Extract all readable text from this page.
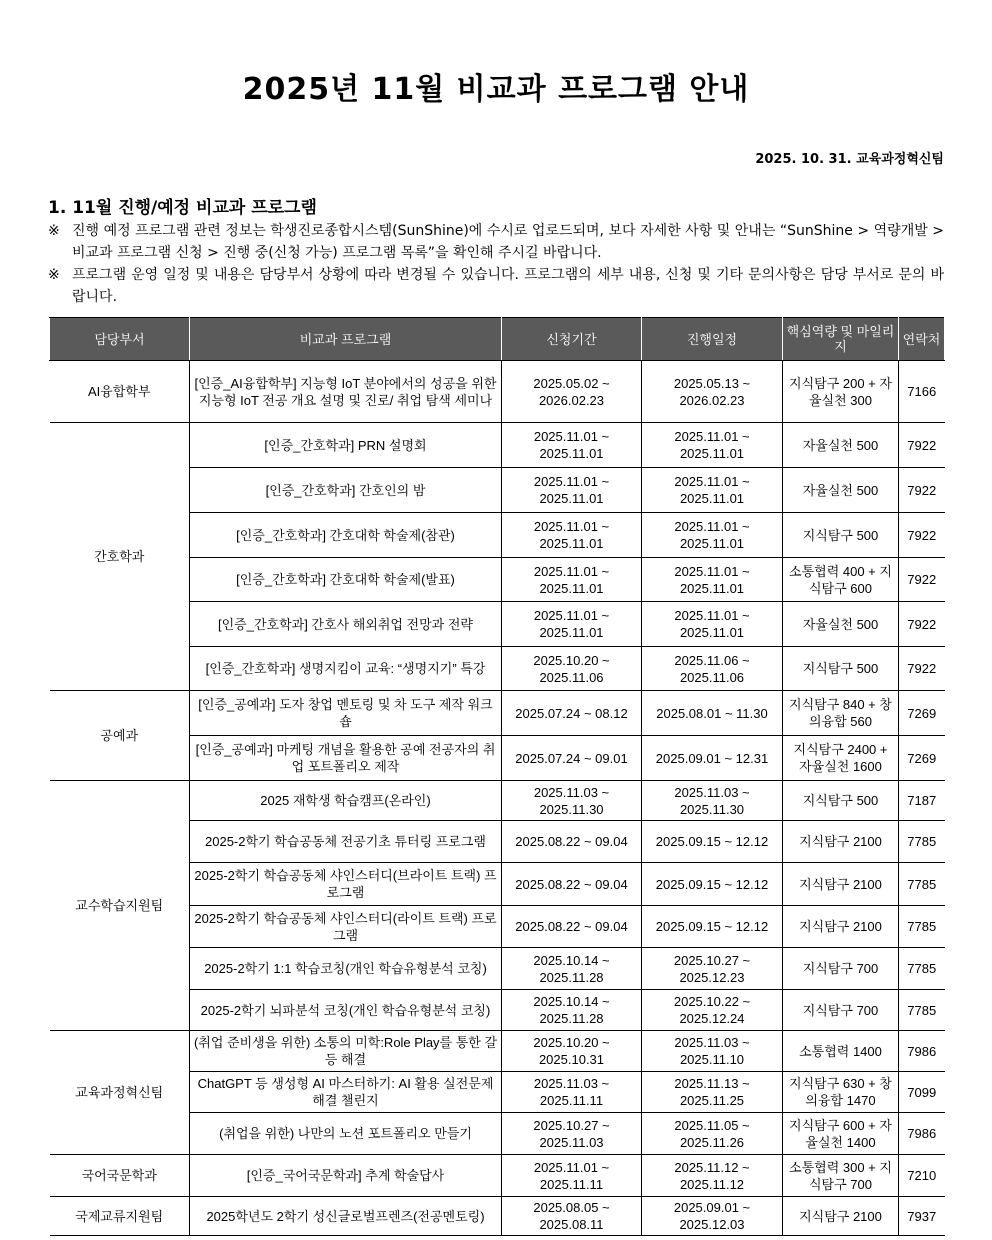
2025년 11월 비교과 프로그램 안내
2025. 10. 31. 교육과정혁신팀
1. 11월 진행/예정 비교과 프로그램
※ 진행 예정 프로그램 관련 정보는 학생진로종합시스템(SunShine)에 수시로 업로드되며, 보다 자세한 사항 및 안내는 “SunShine > 역량개발 > 비교과 프로그램 신청 > 진행 중(신청 가능) 프로그램 목록”을 확인해 주시길 바랍니다.
※ 프로그램 운영 일정 및 내용은 담당부서 상황에 따라 변경될 수 있습니다. 프로그램의 세부 내용, 신청 및 기타 문의사항은 담당 부서로 문의 바랍니다.
담당부서	비교과 프로그램	신청기간	진행일정	핵심역량 및 마일리지	연락처
AI융합학부	[인증_AI융합학부] 지능형 IoT 분야에서의 성공을 위한 지능형 IoT 전공 개요 설명 및 진로/ 취업 탐색 세미나	2025.05.02 ~ 2026.02.23	2025.05.13 ~ 2026.02.23	지식탐구 200 + 자율실천 300	7166
간호학과	[인증_간호학과] PRN 설명회	2025.11.01 ~ 2025.11.01	2025.11.01 ~ 2025.11.01	자율실천 500	7922
	[인증_간호학과] 간호인의 밤	2025.11.01 ~ 2025.11.01	2025.11.01 ~ 2025.11.01	자율실천 500	7922
	[인증_간호학과] 간호대학 학술제(참관)	2025.11.01 ~ 2025.11.01	2025.11.01 ~ 2025.11.01	지식탐구 500	7922
	[인증_간호학과] 간호대학 학술제(발표)	2025.11.01 ~ 2025.11.01	2025.11.01 ~ 2025.11.01	소통협력 400 + 지식탐구 600	7922
	[인증_간호학과] 간호사 해외취업 전망과 전략	2025.11.01 ~ 2025.11.01	2025.11.01 ~ 2025.11.01	자율실천 500	7922
	[인증_간호학과] 생명지킴이 교육: “생명지기” 특강	2025.10.20 ~ 2025.11.06	2025.11.06 ~ 2025.11.06	지식탐구 500	7922
공예과	[인증_공예과] 도자 창업 멘토링 및 차 도구 제작 워크숍	2025.07.24 ~ 08.12	2025.08.01 ~ 11.30	지식탐구 840 + 창의융합 560	7269
	[인증_공예과] 마케팅 개념을 활용한 공예 전공자의 취업 포트폴리오 제작	2025.07.24 ~ 09.01	2025.09.01 ~ 12.31	지식탐구 2400 + 자율실천 1600	7269
교수학습지원팀	2025 재학생 학습캠프(온라인)	2025.11.03 ~ 2025.11.30	2025.11.03 ~ 2025.11.30	지식탐구 500	7187
	2025-2학기 학습공동체 전공기초 튜터링 프로그램	2025.08.22 ~ 09.04	2025.09.15 ~ 12.12	지식탐구 2100	7785
	2025-2학기 학습공동체 샤인스터디(브라이트 트랙) 프로그램	2025.08.22 ~ 09.04	2025.09.15 ~ 12.12	지식탐구 2100	7785
	2025-2학기 학습공동체 샤인스터디(라이트 트랙) 프로그램	2025.08.22 ~ 09.04	2025.09.15 ~ 12.12	지식탐구 2100	7785
	2025-2학기 1:1 학습코칭(개인 학습유형분석 코칭)	2025.10.14 ~ 2025.11.28	2025.10.27 ~ 2025.12.23	지식탐구 700	7785
	2025-2학기 뇌파분석 코칭(개인 학습유형분석 코칭)	2025.10.14 ~ 2025.11.28	2025.10.22 ~ 2025.12.24	지식탐구 700	7785
교육과정혁신팀	(취업 준비생을 위한) 소통의 미학:Role Play를 통한 갈등 해결	2025.10.20 ~ 2025.10.31	2025.11.03 ~ 2025.11.10	소통협력 1400	7986
	ChatGPT 등 생성형 AI 마스터하기: AI 활용 실전문제 해결 챌린지	2025.11.03 ~ 2025.11.11	2025.11.13 ~ 2025.11.25	지식탐구 630 + 창의융합 1470	7099
	(취업을 위한) 나만의 노션 포트폴리오 만들기	2025.10.27 ~ 2025.11.03	2025.11.05 ~ 2025.11.26	지식탐구 600 + 자율실천 1400	7986
국어국문학과	[인증_국어국문학과] 추계 학술답사	2025.11.01 ~ 2025.11.11	2025.11.12 ~ 2025.11.12	소통협력 300 + 지식탐구 700	7210
국제교류지원팀	2025학년도 2학기 성신글로벌프렌즈(전공멘토링)	2025.08.05 ~ 2025.08.11	2025.09.01 ~ 2025.12.03	지식탐구 2100	7937
